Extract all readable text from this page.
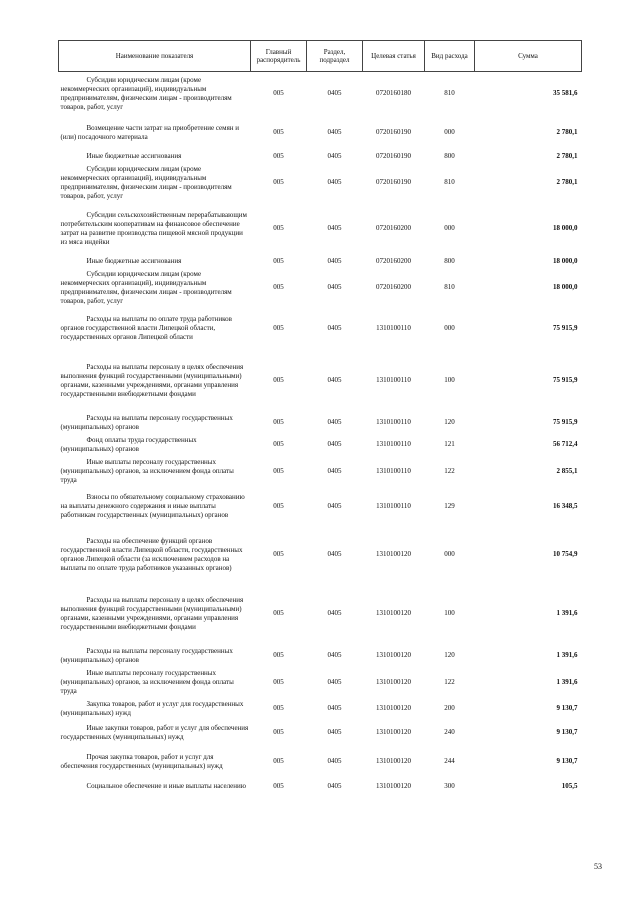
Наименование показателя	Главный распорядитель	Раздел, подраздел	Целевая статья	Вид расхода	Сумма
Субсидии юридическим лицам (кроме некоммерческих организаций), индивидуальным предпринимателям, физическим лицам - производителям товаров, работ, услуг	005	0405	0720160180	810	35 581,6
Возмещение части затрат на приобретение семян и (или) посадочного материала	005	0405	0720160190	000	2 780,1
Иные бюджетные ассигнования	005	0405	0720160190	800	2 780,1
Субсидии юридическим лицам (кроме некоммерческих организаций), индивидуальным предпринимателям, физическим лицам - производителям товаров, работ, услуг	005	0405	0720160190	810	2 780,1
Субсидии сельскохозяйственным перерабатывающим потребительским кооперативам на финансовое обеспечение затрат на развитие производства пищевой мясной продукции из мяса индейки	005	0405	0720160200	000	18 000,0
Иные бюджетные ассигнования	005	0405	0720160200	800	18 000,0
Субсидии юридическим лицам (кроме некоммерческих организаций), индивидуальным предпринимателям, физическим лицам - производителям товаров, работ, услуг	005	0405	0720160200	810	18 000,0
Расходы на выплаты по оплате труда работников органов государственной власти Липецкой области, государственных органов Липецкой области	005	0405	1310100110	000	75 915,9
Расходы на выплаты персоналу в целях обеспечения выполнения функций государственными (муниципальными) органами, казенными учреждениями, органами управления государственными внебюджетными фондами	005	0405	1310100110	100	75 915,9
Расходы на выплаты персоналу государственных (муниципальных) органов	005	0405	1310100110	120	75 915,9
Фонд оплаты труда государственных (муниципальных) органов	005	0405	1310100110	121	56 712,4
Иные выплаты персоналу государственных (муниципальных) органов, за исключением фонда оплаты труда	005	0405	1310100110	122	2 855,1
Взносы по обязательному социальному страхованию на выплаты денежного содержания и иные выплаты работникам государственных (муниципальных) органов	005	0405	1310100110	129	16 348,5
Расходы на обеспечение функций органов государственной власти Липецкой области, государственных органов Липецкой области (за исключением расходов на выплаты по оплате труда работников указанных органов)	005	0405	1310100120	000	10 754,9
Расходы на выплаты персоналу в целях обеспечения выполнения функций государственными (муниципальными) органами, казенными учреждениями, органами управления государственными внебюджетными фондами	005	0405	1310100120	100	1 391,6
Расходы на выплаты персоналу государственных (муниципальных) органов	005	0405	1310100120	120	1 391,6
Иные выплаты персоналу государственных (муниципальных) органов, за исключением фонда оплаты труда	005	0405	1310100120	122	1 391,6
Закупка товаров, работ и услуг для государственных (муниципальных) нужд	005	0405	1310100120	200	9 130,7
Иные закупки товаров, работ и услуг для обеспечения государственных (муниципальных) нужд	005	0405	1310100120	240	9 130,7
Прочая закупка товаров, работ и услуг для обеспечения государственных (муниципальных) нужд	005	0405	1310100120	244	9 130,7
Социальное обеспечение и иные выплаты населению	005	0405	1310100120	300	105,5
53
